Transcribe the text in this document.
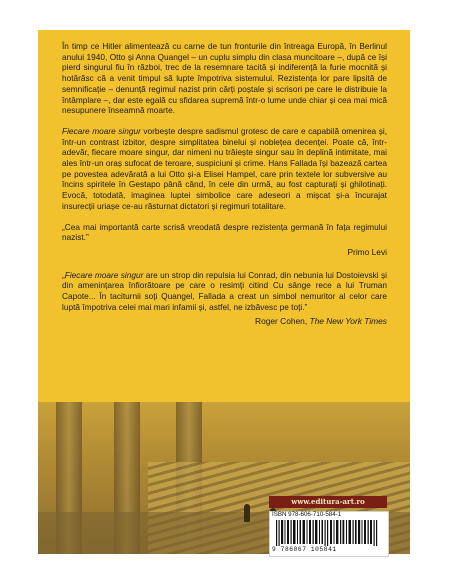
În timp ce Hitler alimentează cu carne de tun fronturile din întreaga Europă, în Berlinul anului 1940, Otto și Anna Quangel – un cuplu simplu din clasa muncitoare –, după ce își pierd singurul fiu în război, trec de la resemnare tacită și indiferență la furie mocnită și hotărăsc că a venit timpul să lupte împotriva sistemului. Rezistența lor pare lipsită de semnificație – denunță regimul nazist prin cărți poștale și scrisori pe care le distribuie la întâmplare –, dar este egală cu sfidarea supremă într-o lume unde chiar și cea mai mică nesupunere înseamnă moarte.

Fiecare moare singur vorbește despre sadismul grotesc de care e capabilă omenirea și, într-un contrast izbitor, despre simplitatea binelui și noblețea decenței. Poate că, într-adevăr, fiecare moare singur, dar nimeni nu trăiește singur sau în deplină intimitate, mai ales într-un oraș sufocat de teroare, suspiciuni și crime. Hans Fallada își bazează cartea pe povestea adevărată a lui Otto și-a Elisei Hampel, care prin textele lor subversive au încins spiritele în Gestapo până când, în cele din urmă, au fost capturați și ghilotinați. Evocă, totodată, imaginea luptei simbolice care adeseori a mișcat și-a încurajat insurecții uriașe ce-au răsturnat dictatori și regimuri totalitare.

„Cea mai importantă carte scrisă vreodată despre rezistența germană în fața regimului nazist.”

Primo Levi

„Fiecare moare singur are un strop din repulsia lui Conrad, din nebunia lui Dostoievski și din amenințarea înfiorătoare pe care o resimți citind Cu sânge rece a lui Truman Capote... În taciturnii soți Quangel, Fallada a creat un simbol nemuritor al celor care luptă împotriva celei mai mari infamii și, astfel, ne izbăvesc pe toți.”

Roger Cohen, The New York Times

www.editura-art.ro
ISBN 978-606-710-584-1
9 786067 105841
